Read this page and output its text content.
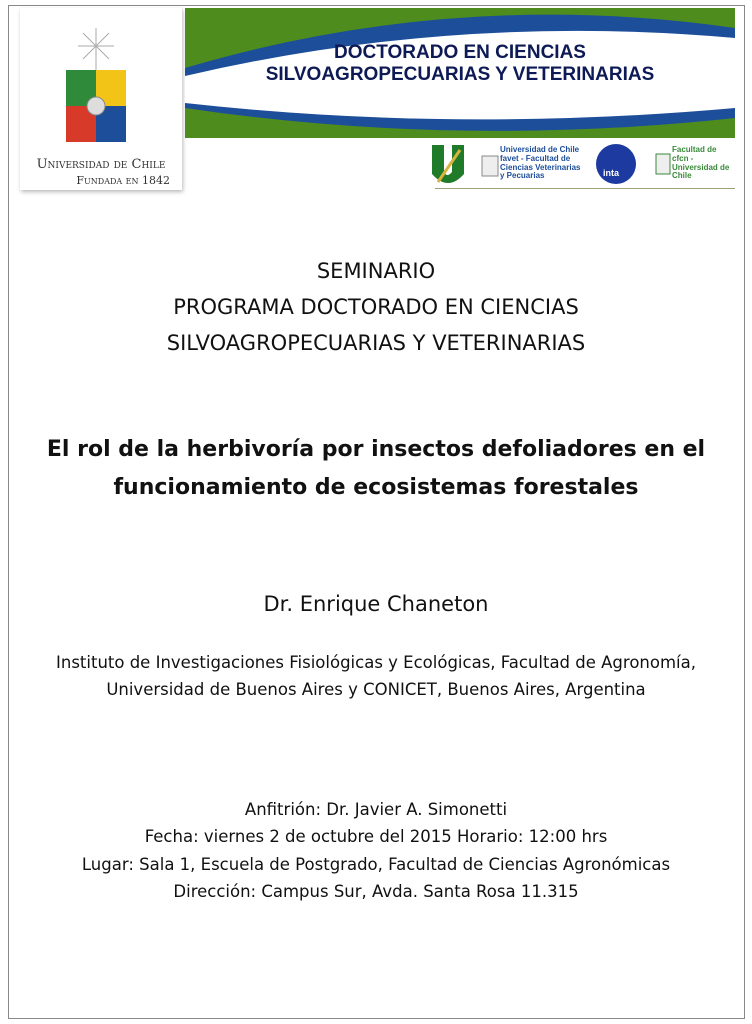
Universidad de Chile
Fundada en 1842
DOCTORADO EN CIENCIAS
SILVOAGROPECUARIAS Y VETERINARIAS
Universidad de Chile favet - Facultad de Ciencias Veterinarias y Pecuarias	inta
Facultad de cfcn - Universidad de Chile
SEMINARIO
PROGRAMA DOCTORADO EN CIENCIAS
SILVOAGROPECUARIAS Y VETERINARIAS
El rol de la herbivoría por insectos defoliadores en el
funcionamiento de ecosistemas forestales
Dr. Enrique Chaneton
Instituto de Investigaciones Fisiológicas y Ecológicas, Facultad de Agronomía,
Universidad de Buenos Aires y CONICET, Buenos Aires, Argentina
Anfitrión: Dr. Javier A. Simonetti
Fecha: viernes 2 de octubre del 2015 Horario: 12:00 hrs
Lugar: Sala 1, Escuela de Postgrado, Facultad de Ciencias Agronómicas
Dirección: Campus Sur, Avda. Santa Rosa 11.315
